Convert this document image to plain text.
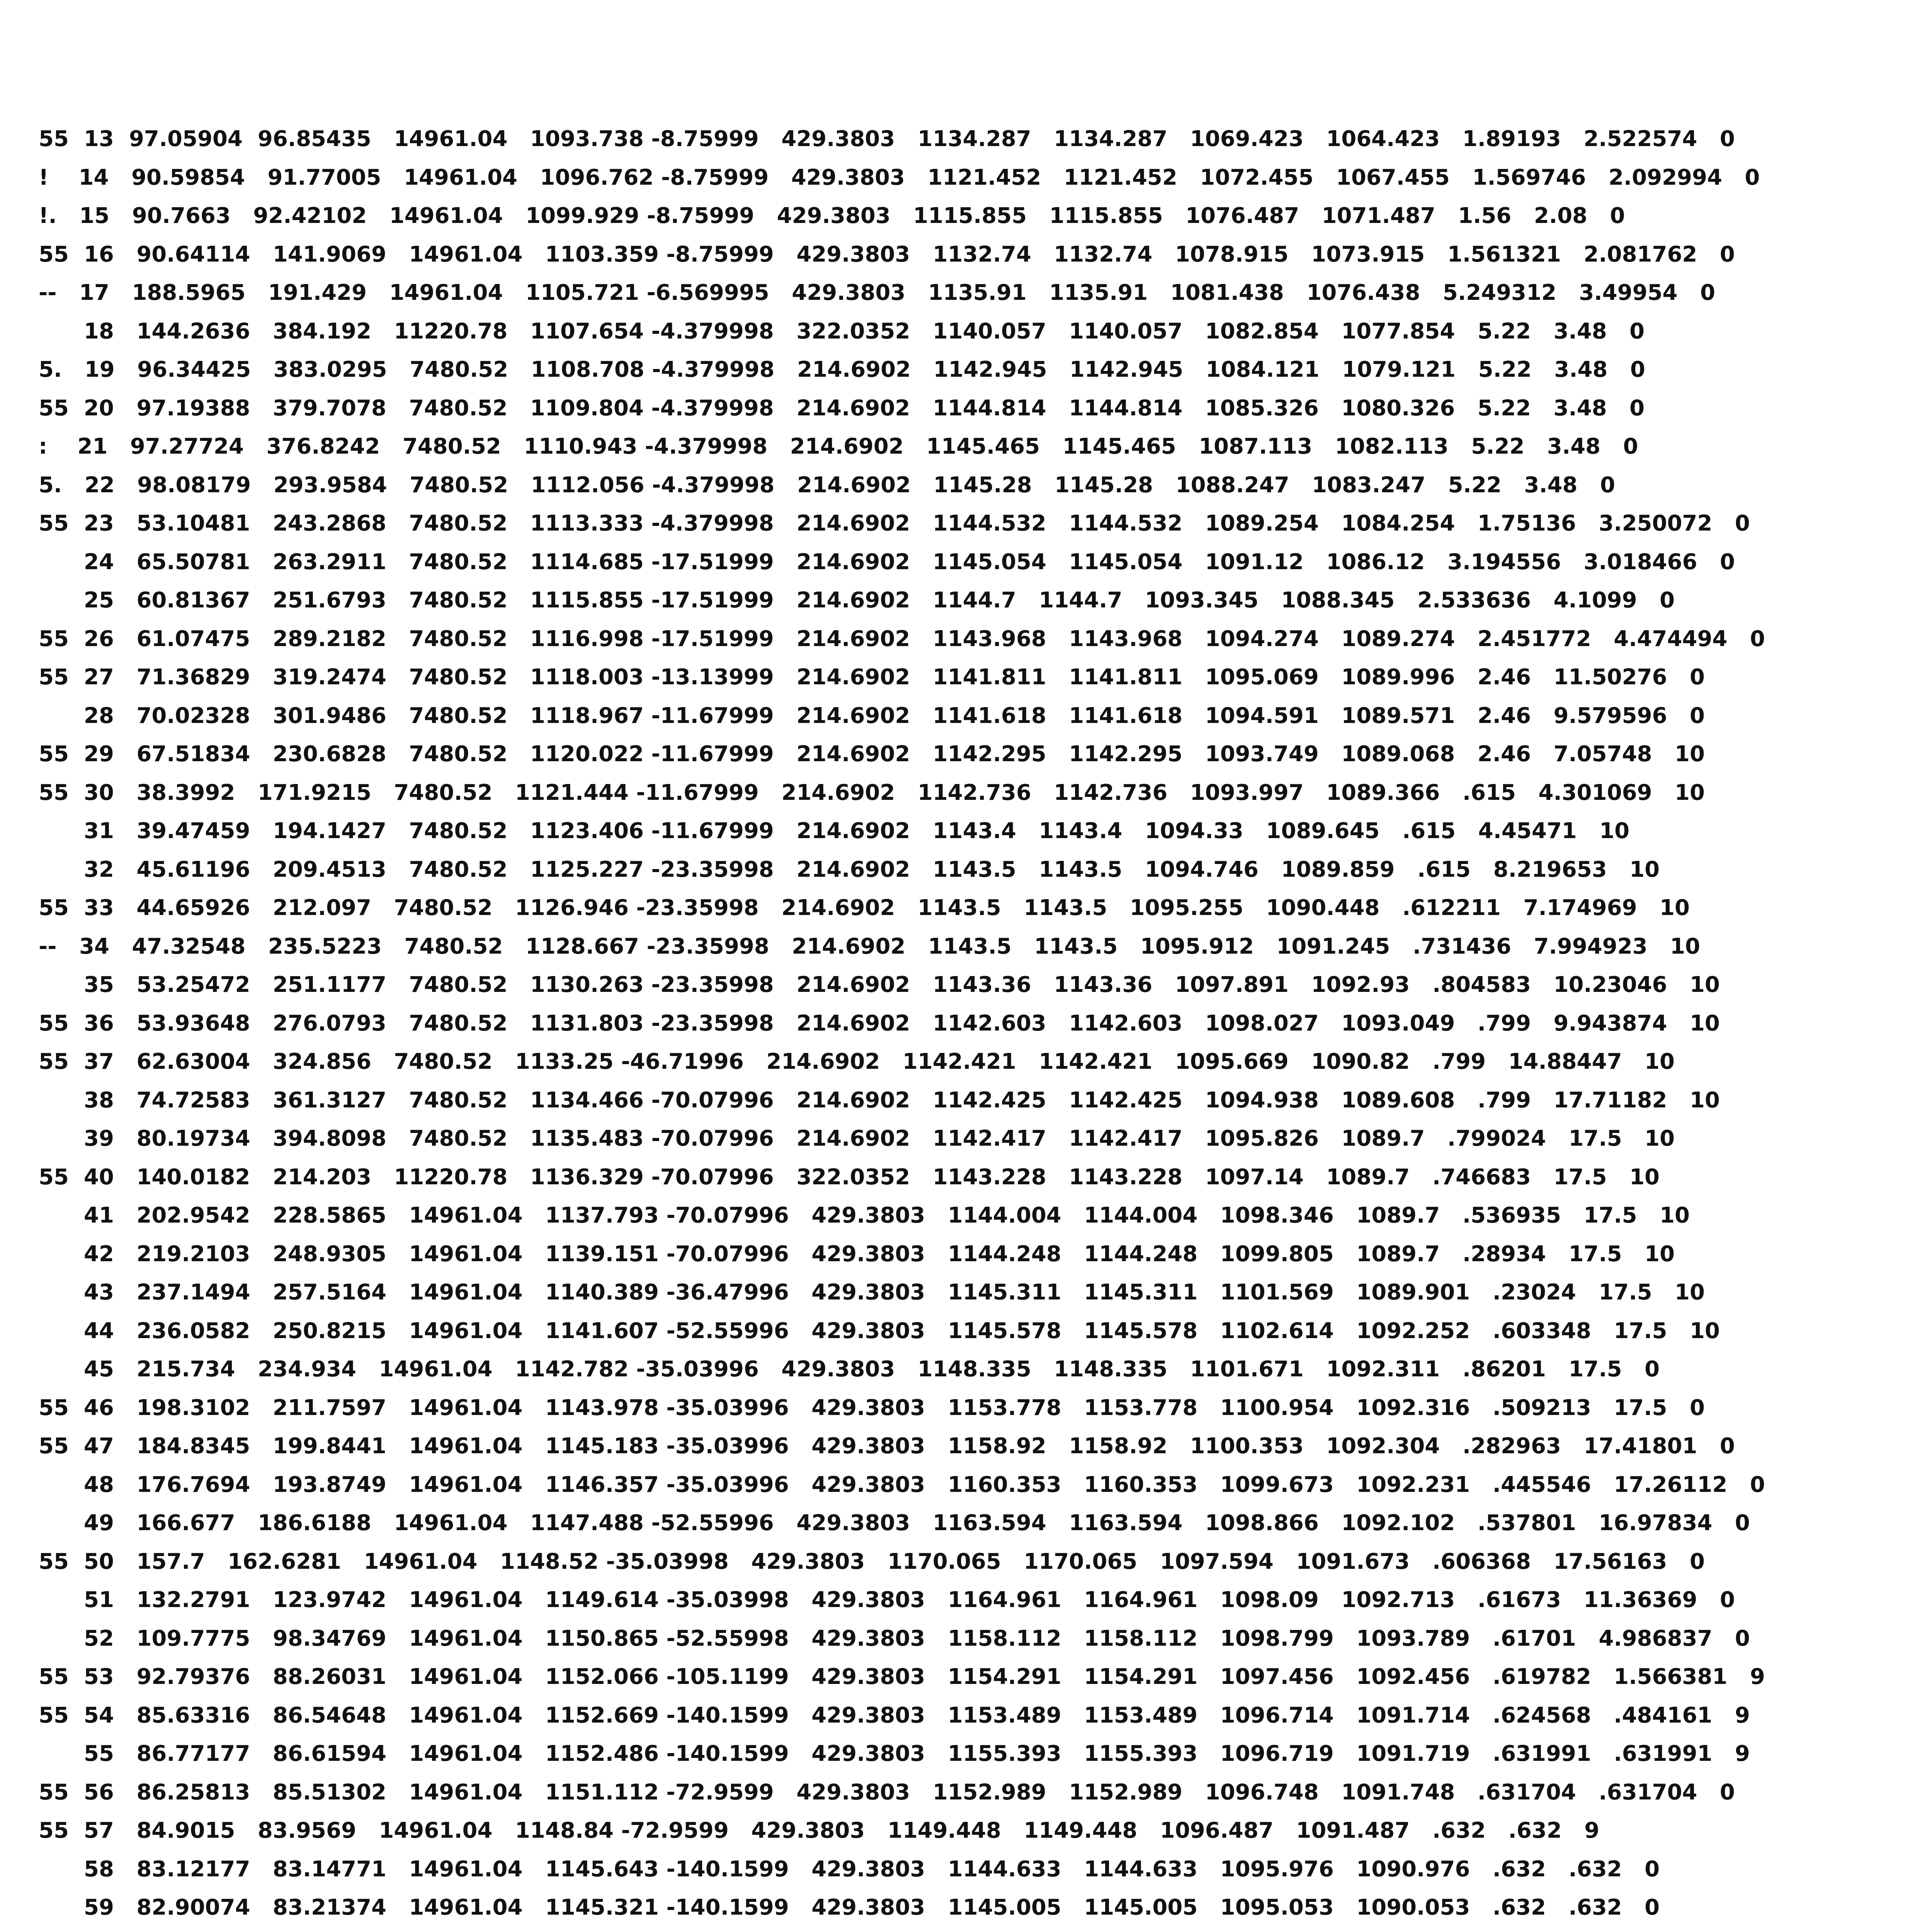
55  13  97.05904  96.85435   14961.04   1093.738 -8.75999   429.3803   1134.287   1134.287   1069.423   1064.423   1.89193   2.522574   0
!    14   90.59854   91.77005   14961.04   1096.762 -8.75999   429.3803   1121.452   1121.452   1072.455   1067.455   1.569746   2.092994   0
!.   15   90.7663   92.42102   14961.04   1099.929 -8.75999   429.3803   1115.855   1115.855   1076.487   1071.487   1.56   2.08   0
55  16   90.64114   141.9069   14961.04   1103.359 -8.75999   429.3803   1132.74   1132.74   1078.915   1073.915   1.561321   2.081762   0
--   17   188.5965   191.429   14961.04   1105.721 -6.569995   429.3803   1135.91   1135.91   1081.438   1076.438   5.249312   3.49954   0
18   144.2636   384.192   11220.78   1107.654 -4.379998   322.0352   1140.057   1140.057   1082.854   1077.854   5.22   3.48   0
5.   19   96.34425   383.0295   7480.52   1108.708 -4.379998   214.6902   1142.945   1142.945   1084.121   1079.121   5.22   3.48   0
55  20   97.19388   379.7078   7480.52   1109.804 -4.379998   214.6902   1144.814   1144.814   1085.326   1080.326   5.22   3.48   0
:    21   97.27724   376.8242   7480.52   1110.943 -4.379998   214.6902   1145.465   1145.465   1087.113   1082.113   5.22   3.48   0
5.   22   98.08179   293.9584   7480.52   1112.056 -4.379998   214.6902   1145.28   1145.28   1088.247   1083.247   5.22   3.48   0
55  23   53.10481   243.2868   7480.52   1113.333 -4.379998   214.6902   1144.532   1144.532   1089.254   1084.254   1.75136   3.250072   0
24   65.50781   263.2911   7480.52   1114.685 -17.51999   214.6902   1145.054   1145.054   1091.12   1086.12   3.194556   3.018466   0
25   60.81367   251.6793   7480.52   1115.855 -17.51999   214.6902   1144.7   1144.7   1093.345   1088.345   2.533636   4.1099   0
55  26   61.07475   289.2182   7480.52   1116.998 -17.51999   214.6902   1143.968   1143.968   1094.274   1089.274   2.451772   4.474494   0
55  27   71.36829   319.2474   7480.52   1118.003 -13.13999   214.6902   1141.811   1141.811   1095.069   1089.996   2.46   11.50276   0
28   70.02328   301.9486   7480.52   1118.967 -11.67999   214.6902   1141.618   1141.618   1094.591   1089.571   2.46   9.579596   0
55  29   67.51834   230.6828   7480.52   1120.022 -11.67999   214.6902   1142.295   1142.295   1093.749   1089.068   2.46   7.05748   10
55  30   38.3992   171.9215   7480.52   1121.444 -11.67999   214.6902   1142.736   1142.736   1093.997   1089.366   .615   4.301069   10
31   39.47459   194.1427   7480.52   1123.406 -11.67999   214.6902   1143.4   1143.4   1094.33   1089.645   .615   4.45471   10
32   45.61196   209.4513   7480.52   1125.227 -23.35998   214.6902   1143.5   1143.5   1094.746   1089.859   .615   8.219653   10
55  33   44.65926   212.097   7480.52   1126.946 -23.35998   214.6902   1143.5   1143.5   1095.255   1090.448   .612211   7.174969   10
--   34   47.32548   235.5223   7480.52   1128.667 -23.35998   214.6902   1143.5   1143.5   1095.912   1091.245   .731436   7.994923   10
35   53.25472   251.1177   7480.52   1130.263 -23.35998   214.6902   1143.36   1143.36   1097.891   1092.93   .804583   10.23046   10
55  36   53.93648   276.0793   7480.52   1131.803 -23.35998   214.6902   1142.603   1142.603   1098.027   1093.049   .799   9.943874   10
55  37   62.63004   324.856   7480.52   1133.25 -46.71996   214.6902   1142.421   1142.421   1095.669   1090.82   .799   14.88447   10
38   74.72583   361.3127   7480.52   1134.466 -70.07996   214.6902   1142.425   1142.425   1094.938   1089.608   .799   17.71182   10
39   80.19734   394.8098   7480.52   1135.483 -70.07996   214.6902   1142.417   1142.417   1095.826   1089.7   .799024   17.5   10
55  40   140.0182   214.203   11220.78   1136.329 -70.07996   322.0352   1143.228   1143.228   1097.14   1089.7   .746683   17.5   10
41   202.9542   228.5865   14961.04   1137.793 -70.07996   429.3803   1144.004   1144.004   1098.346   1089.7   .536935   17.5   10
42   219.2103   248.9305   14961.04   1139.151 -70.07996   429.3803   1144.248   1144.248   1099.805   1089.7   .28934   17.5   10
43   237.1494   257.5164   14961.04   1140.389 -36.47996   429.3803   1145.311   1145.311   1101.569   1089.901   .23024   17.5   10
44   236.0582   250.8215   14961.04   1141.607 -52.55996   429.3803   1145.578   1145.578   1102.614   1092.252   .603348   17.5   10
45   215.734   234.934   14961.04   1142.782 -35.03996   429.3803   1148.335   1148.335   1101.671   1092.311   .86201   17.5   0
55  46   198.3102   211.7597   14961.04   1143.978 -35.03996   429.3803   1153.778   1153.778   1100.954   1092.316   .509213   17.5   0
55  47   184.8345   199.8441   14961.04   1145.183 -35.03996   429.3803   1158.92   1158.92   1100.353   1092.304   .282963   17.41801   0
48   176.7694   193.8749   14961.04   1146.357 -35.03996   429.3803   1160.353   1160.353   1099.673   1092.231   .445546   17.26112   0
49   166.677   186.6188   14961.04   1147.488 -52.55996   429.3803   1163.594   1163.594   1098.866   1092.102   .537801   16.97834   0
55  50   157.7   162.6281   14961.04   1148.52 -35.03998   429.3803   1170.065   1170.065   1097.594   1091.673   .606368   17.56163   0
51   132.2791   123.9742   14961.04   1149.614 -35.03998   429.3803   1164.961   1164.961   1098.09   1092.713   .61673   11.36369   0
52   109.7775   98.34769   14961.04   1150.865 -52.55998   429.3803   1158.112   1158.112   1098.799   1093.789   .61701   4.986837   0
55  53   92.79376   88.26031   14961.04   1152.066 -105.1199   429.3803   1154.291   1154.291   1097.456   1092.456   .619782   1.566381   9
55  54   85.63316   86.54648   14961.04   1152.669 -140.1599   429.3803   1153.489   1153.489   1096.714   1091.714   .624568   .484161   9
55   86.77177   86.61594   14961.04   1152.486 -140.1599   429.3803   1155.393   1155.393   1096.719   1091.719   .631991   .631991   9
55  56   86.25813   85.51302   14961.04   1151.112 -72.9599   429.3803   1152.989   1152.989   1096.748   1091.748   .631704   .631704   0
55  57   84.9015   83.9569   14961.04   1148.84 -72.9599   429.3803   1149.448   1149.448   1096.487   1091.487   .632   .632   9
58   83.12177   83.14771   14961.04   1145.643 -140.1599   429.3803   1144.633   1144.633   1095.976   1090.976   .632   .632   0
59   82.90074   83.21374   14961.04   1145.321 -140.1599   429.3803   1145.005   1145.005   1095.053   1090.053   .632   .632   0
